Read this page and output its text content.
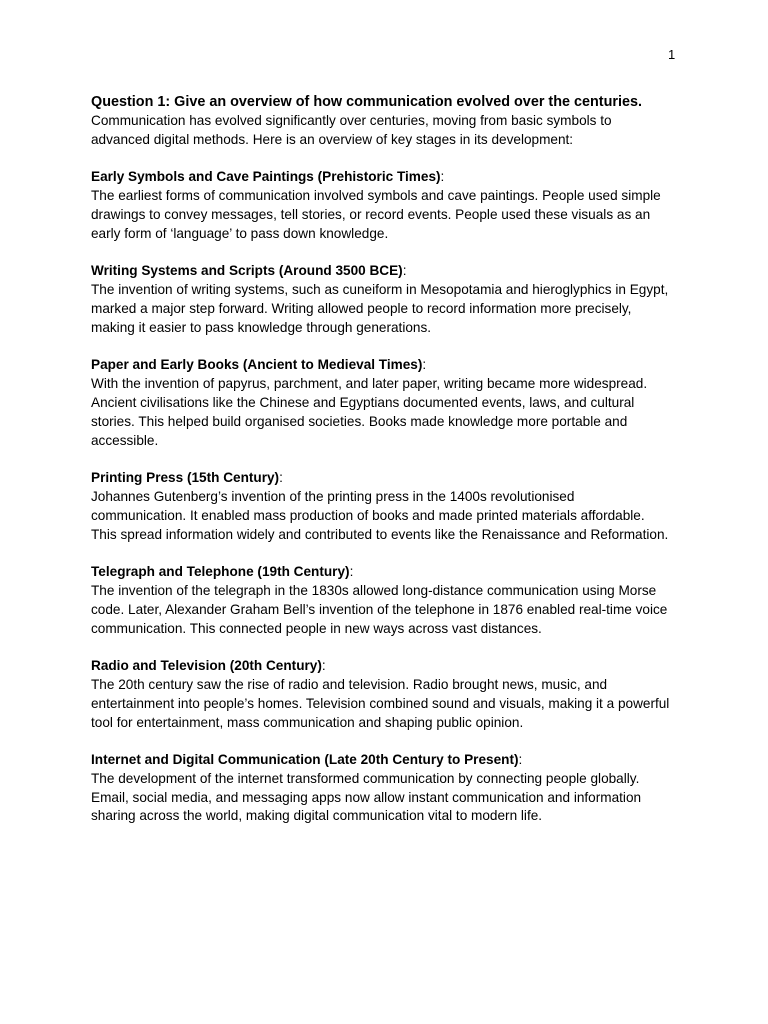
1

Question 1: Give an overview of how communication evolved over the centuries.

Communication has evolved significantly over centuries, moving from basic symbols to
advanced digital methods. Here is an overview of key stages in its development:

Early Symbols and Cave Paintings (Prehistoric Times):

The earliest forms of communication involved symbols and cave paintings. People used simple
drawings to convey messages, tell stories, or record events. People used these visuals as an
early form of ‘language’ to pass down knowledge.

Writing Systems and Scripts (Around 3500 BCE):

The invention of writing systems, such as cuneiform in Mesopotamia and hieroglyphics in Egypt,
marked a major step forward. Writing allowed people to record information more precisely,
making it easier to pass knowledge through generations.

Paper and Early Books (Ancient to Medieval Times):

With the invention of papyrus, parchment, and later paper, writing became more widespread.
Ancient civilisations like the Chinese and Egyptians documented events, laws, and cultural
stories. This helped build organised societies. Books made knowledge more portable and
accessible.

Printing Press (15th Century):

Johannes Gutenberg’s invention of the printing press in the 1400s revolutionised
communication. It enabled mass production of books and made printed materials affordable.
This spread information widely and contributed to events like the Renaissance and Reformation.

Telegraph and Telephone (19th Century):

The invention of the telegraph in the 1830s allowed long-distance communication using Morse
code. Later, Alexander Graham Bell’s invention of the telephone in 1876 enabled real-time voice
communication. This connected people in new ways across vast distances.

Radio and Television (20th Century):

The 20th century saw the rise of radio and television. Radio brought news, music, and
entertainment into people’s homes. Television combined sound and visuals, making it a powerful
tool for entertainment, mass communication and shaping public opinion.

Internet and Digital Communication (Late 20th Century to Present):

The development of the internet transformed communication by connecting people globally.
Email, social media, and messaging apps now allow instant communication and information
sharing across the world, making digital communication vital to modern life.
